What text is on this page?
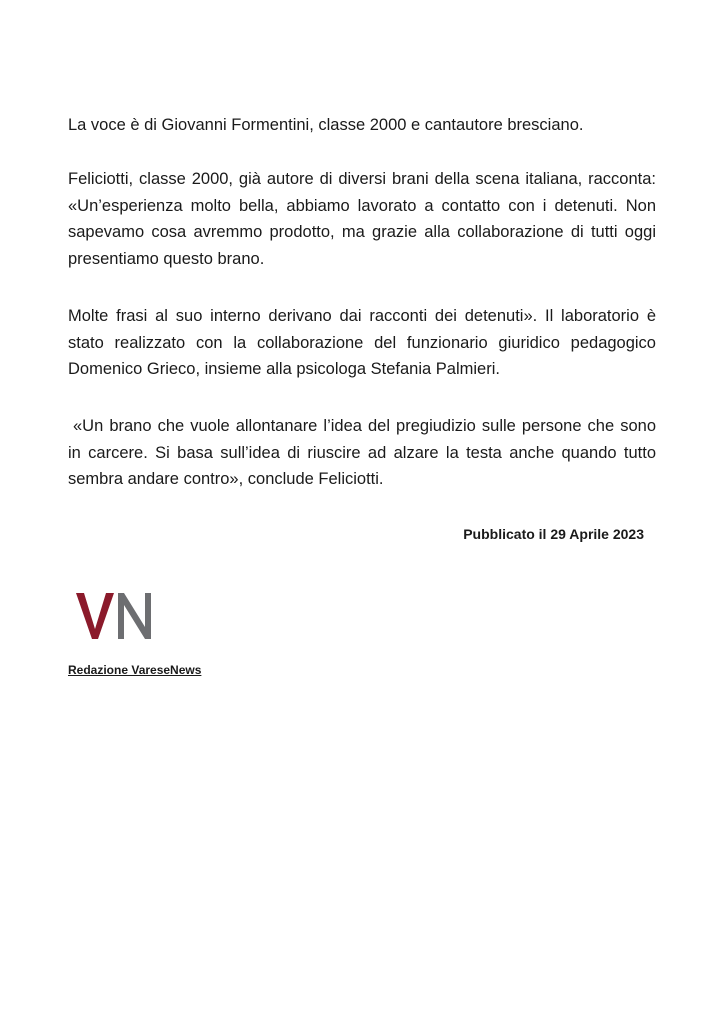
La voce è di Giovanni Formentini, classe 2000 e cantautore bresciano.

Feliciotti, classe 2000, già autore di diversi brani della scena italiana, racconta: «Un’esperienza molto bella, abbiamo lavorato a contatto con i detenuti. Non sapevamo cosa avremmo prodotto, ma grazie alla collaborazione di tutti oggi presentiamo questo brano.

Molte frasi al suo interno derivano dai racconti dei detenuti». Il laboratorio è stato realizzato con la collaborazione del funzionario giuridico pedagogico Domenico Grieco, insieme alla psicologa Stefania Palmieri.

«Un brano che vuole allontanare l’idea del pregiudizio sulle persone che sono in carcere. Si basa sull’idea di riuscire ad alzare la testa anche quando tutto sembra andare contro», conclude Feliciotti.

Pubblicato il 29 Aprile 2023
Redazione VareseNews
